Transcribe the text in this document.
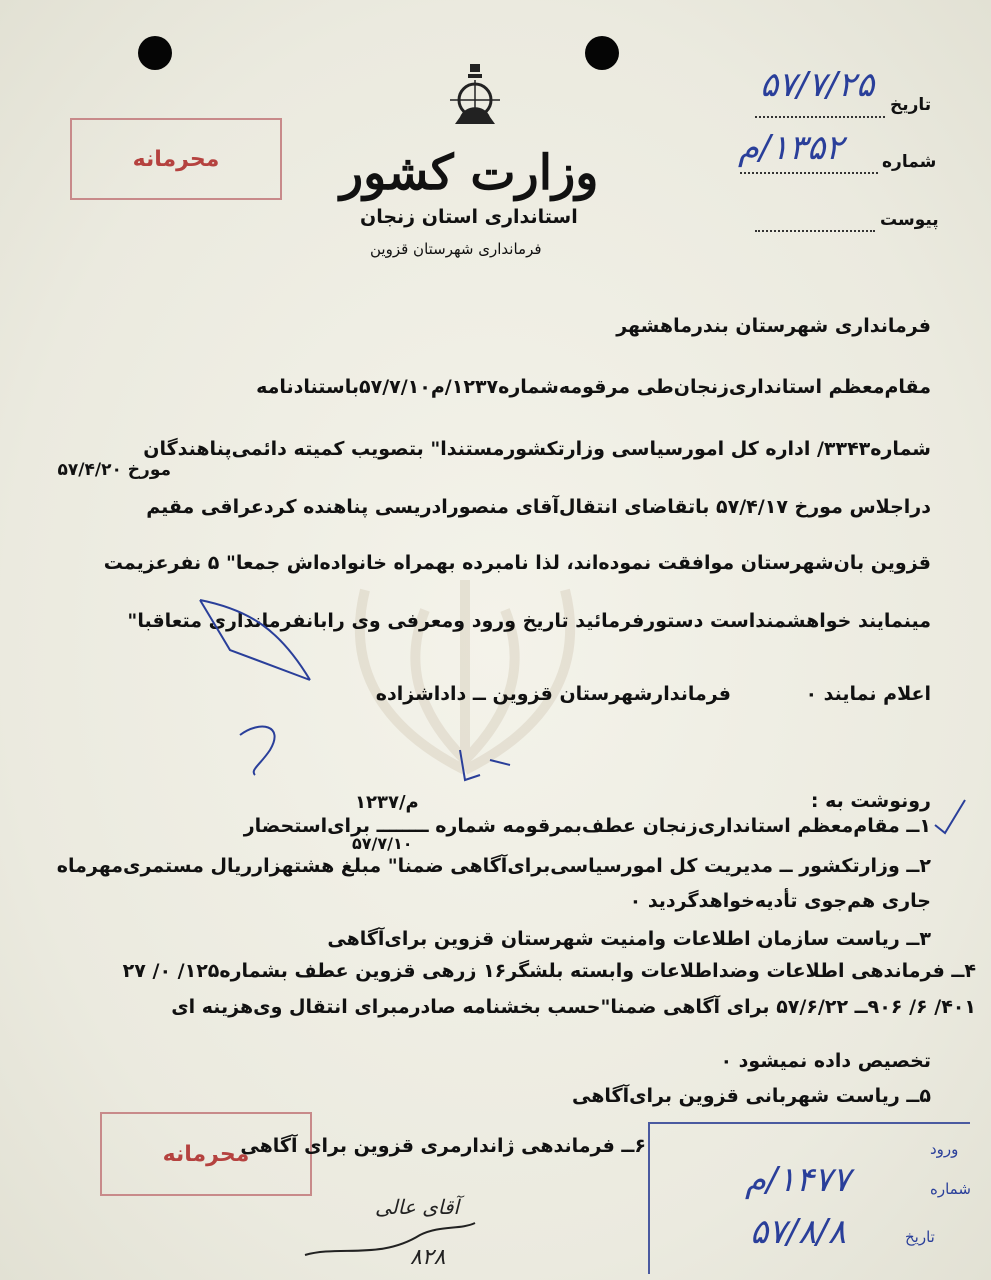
محرمانه
محرمانه
وزارت کشور
استانداری استان زنجان
فرمانداری شهرستان قزوین
تاریخ
۵۷/۷/۲۵
شماره
۱۳۵۲/م
پیوست
فرمانداری شهرستان بندرماهشهر
مقام‌معظم استانداری‌زنجان‌طی مرقومه‌شماره۱۲۳۷/م۵۷/۷/۱۰باستنادنامه
شماره‌۳۳۴۳/ اداره کل امورسیاسی وزارتکشورمستندا" بتصویب کمیته دائمی‌پناهندگان
مورخ ۵۷/۴/۲۰
دراجلاس مورخ ۵۷/۴/۱۷ باتقاضای انتقال‌آقای منصورادریسی پناهنده کردعراقی مقیم
قزوین بان‌شهرستان موافقت نموده‌اند، لذا نامبرده بهمراه خانواده‌اش جمعا" ۵ نفرعزیمت
مینمایند خواهشمنداست دستورفرمائید تاریخ ورود ومعرفی وی رابانفرمانداری متعاقبا"
اعلام نمایند ۰
فرماندارشهرستان قزوین ــ داداشزاده
رونوشت به :
۱۲۳۷/م
۵۷/۷/۱۰
۱ــ مقام‌معظم استانداری‌زنجان عطف‌بمرقومه شماره ــــــــ برای‌استحضار
۲ــ وزارتکشور ــ مدیریت کل امورسیاسی‌برای‌آگاهی ضمنا" مبلغ هشتهزارریال مستمری‌مهرماه
جاری هم‌جوی تأدیه‌خواهدگردید ۰
۳ــ ریاست سازمان اطلاعات وامنیت شهرستان قزوین برای‌آگاهی
۴ــ فرماندهی اطلاعات وضداطلاعات وابسته بلشگر۱۶ زرهی قزوین عطف بشماره۱۲۵/ ۰/ ۲۷
۴۰۱/ ۶/ ۹۰۶ــ ۵۷/۶/۲۲ برای آگاهی ضمنا"حسب بخشنامه صادرمبرای انتقال وی‌هزینه ای
تخصیص داده نمیشود ۰
۵ــ ریاست شهربانی قزوین برای‌آگاهی
۶ــ فرماندهی ژاندارمری قزوین برای آگاهی	ورود
شماره
۱۴۷۷/م
تاریخ
۵۷/۸/۸
آقای عالی
۸۲۸
